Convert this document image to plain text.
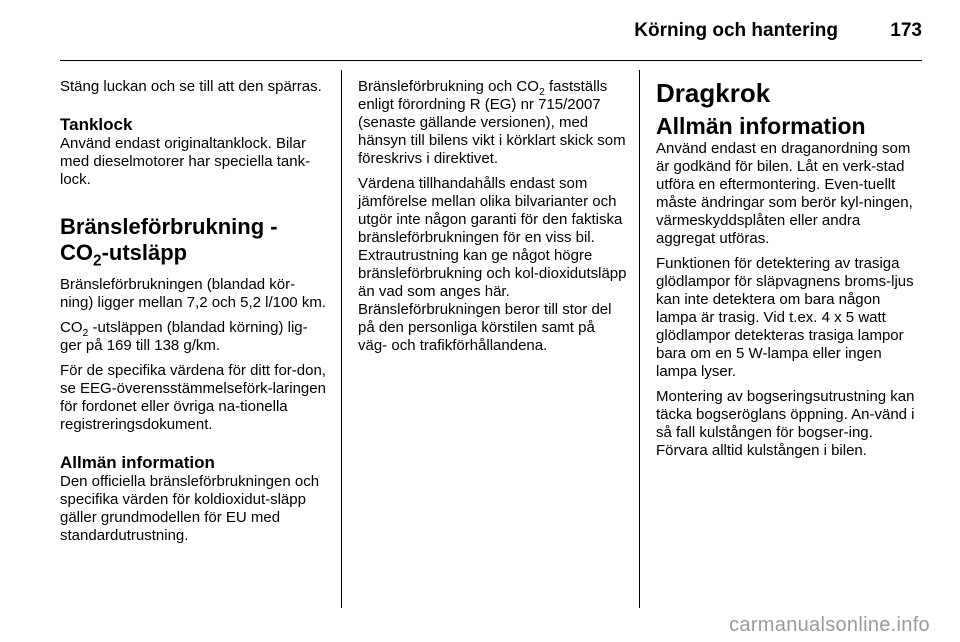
Körning och hantering	173

Stäng luckan och se till att den spärras.

Tanklock

Använd endast originaltanklock. Bilar med dieselmotorer har speciella tank-lock.

Bränsleförbrukning - $CO_2$-utsläpp

Bränsleförbrukningen (blandad kör-ning) ligger mellan 7,2 och 5,2 l/100 km.

$CO_2$ -utsläppen (blandad körning) lig-ger på 169 till 138 g/km.

För de specifika värdena för ditt for-don, se EEG-överensstämmelseförk-laringen för fordonet eller övriga na-tionella registreringsdokument.

Allmän information

Den officiella bränsleförbrukningen och specifika värden för koldioxidut-släpp gäller grundmodellen för EU med standardutrustning.

Bränsleförbrukning och $CO_2$ fastställs enligt förordning R (EG) nr 715/2007 (senaste gällande versionen), med hänsyn till bilens vikt i körklart skick som föreskrivs i direktivet.

Värdena tillhandahålls endast som jämförelse mellan olika bilvarianter och utgör inte någon garanti för den faktiska bränsleförbrukningen för en viss bil. Extrautrustning kan ge något högre bränsleförbrukning och kol-dioxidutsläpp än vad som anges här. Bränsleförbrukningen beror till stor del på den personliga körstilen samt på väg- och trafikförhållandena.

Dragkrok
Allmän information

Använd endast en draganordning som är godkänd för bilen. Låt en verk-stad utföra en eftermontering. Even-tuellt måste ändringar som berör kyl-ningen, värmeskyddsplåten eller andra aggregat utföras.

Funktionen för detektering av trasiga glödlampor för släpvagnens broms-ljus kan inte detektera om bara någon lampa är trasig. Vid t.ex. 4 x 5 watt glödlampor detekteras trasiga lampor bara om en 5 W-lampa eller ingen lampa lyser.

Montering av bogseringsutrustning kan täcka bogseröglans öppning. An-vänd i så fall kulstången för bogser-ing. Förvara alltid kulstången i bilen.

carmanualsonline.info
